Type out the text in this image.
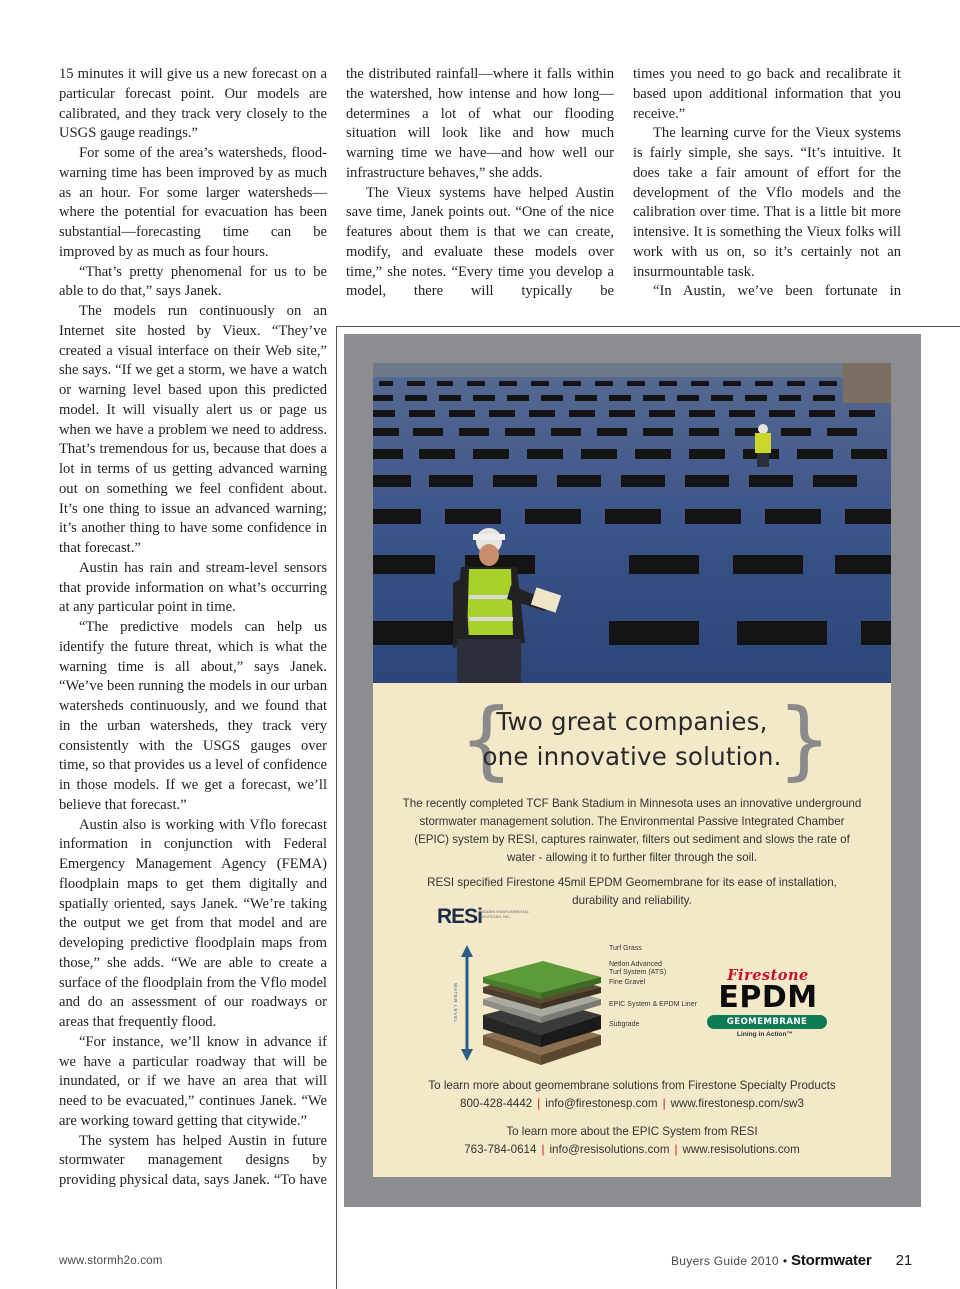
15 minutes it will give us a new forecast on a particular forecast point. Our models are calibrated, and they track very closely to the USGS gauge readings.”

For some of the area’s watersheds, flood-warning time has been improved by as much as an hour. For some larger watersheds—where the potential for evacuation has been substantial—forecasting time can be improved by as much as four hours.

“That’s pretty phenomenal for us to be able to do that,” says Janek.

The models run continuously on an Internet site hosted by Vieux. “They’ve created a visual interface on their Web site,” she says. “If we get a storm, we have a watch or warning level based upon this predicted model. It will visually alert us or page us when we have a problem we need to address. That’s tremendous for us, because that does a lot in terms of us getting advanced warning out on something we feel confident about. It’s one thing to issue an advanced warning; it’s another thing to have some confidence in that forecast.”

Austin has rain and stream-level sensors that provide information on what’s occurring at any particular point in time.

“The predictive models can help us identify the future threat, which is what the warning time is all about,” says Janek. “We’ve been running the models in our urban watersheds continuously, and we found that in the urban watersheds, they track very consistently with the USGS gauges over time, so that provides us a level of confidence in those models. If we get a forecast, we’ll believe that forecast.”

Austin also is working with Vflo forecast information in conjunction with Federal Emergency Management Agency (FEMA) floodplain maps to get them digitally and spatially oriented, says Janek. “We’re taking the output we get from that model and are developing predictive floodplain maps from those,” she adds. “We are able to create a surface of the floodplain from the Vflo model and do an assessment of our roadways or areas that frequently flood.

“For instance, we’ll know in advance if we have a particular roadway that will be inundated, or if we have an area that will need to be evacuated,” continues Janek. “We are working toward getting that citywide.”

The system has helped Austin in future stormwater management designs by providing physical data, says Janek. “To have

the distributed rainfall—where it falls within the watershed, how intense and how long—determines a lot of what our flooding situation will look like and how much warning time we have—and how well our infrastructure behaves,” she adds.

The Vieux systems have helped Austin save time, Janek points out. “One of the nice features about them is that we can create, modify, and evaluate these models over time,” she notes. “Every time you develop a model, there will typically be

times you need to go back and recalibrate it based upon additional information that you receive.”

The learning curve for the Vieux systems is fairly simple, she says. “It’s intuitive. It does take a fair amount of effort for the development of the Vflo models and the calibration over time. That is a little bit more intensive. It is something the Vieux folks will work with us on, so it’s certainly not an insurmountable task.

“In Austin, we’ve been fortunate in

{	}
Two great companies,
one innovative solution.
The recently completed TCF Bank Stadium in Minnesota uses an innovative underground stormwater management solution. The Environmental Passive Integrated Chamber (EPIC) system by RESI, captures rainwater, filters out sediment and slows the rate of water - allowing it to further filter through the soil.
RESI specified Firestone 45mil EPDM Geomembrane for its ease of installation, durability and reliability.
RESi
REDDEN ENVIRONMENTAL SOLUTIONS, INC.
Turf Grass
Netlon Advanced Turf System (ATS)
Fine Gravel
EPIC System & EPDM Liner
Subgrade
WATER LEVEL
Firestone
EPDM
GEOMEMBRANE
Lining in Action™
To learn more about geomembrane solutions from Firestone Specialty Products
800-428-4442 | info@firestonesp.com | www.firestonesp.com/sw3
To learn more about the EPIC System from RESI
763-784-0614 | info@resisolutions.com | www.resisolutions.com
www.stormh2o.com	Buyers Guide 2010 • Stormwater 21
